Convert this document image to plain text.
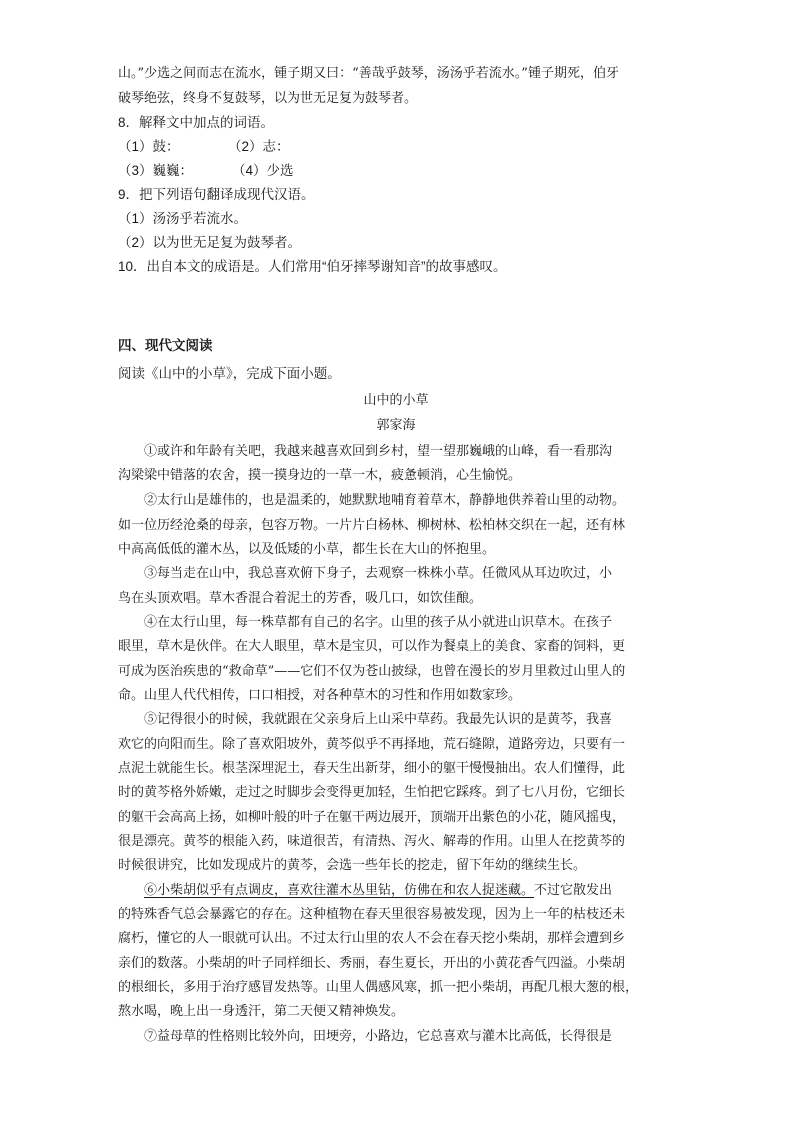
山。”少选之间而志在流水，锺子期又曰：“善哉乎鼓琴，汤汤乎若流水。”锺子期死，伯牙

破琴绝弦，终身不复鼓琴，以为世无足复为鼓琴者。

8．解释文中加点的词语。

（1）鼓：	（2）志：

（3）巍巍：	（4）少选

9．把下列语句翻译成现代汉语。

（1）汤汤乎若流水。

（2）以为世无足复为鼓琴者。

10．出自本文的成语是。人们常用“伯牙摔琴谢知音”的故事感叹。

四、现代文阅读

阅读《山中的小草》，完成下面小题。

山中的小草

郭家海

①或许和年龄有关吧，我越来越喜欢回到乡村，望一望那巍峨的山峰，看一看那沟

沟梁梁中错落的农舍，摸一摸身边的一草一木，疲惫顿消，心生愉悦。

②太行山是雄伟的，也是温柔的，她默默地哺育着草木，静静地供养着山里的动物。

如一位历经沧桑的母亲，包容万物。一片片白杨林、柳树林、松柏林交织在一起，还有林

中高高低低的灌木丛，以及低矮的小草，都生长在大山的怀抱里。

③每当走在山中，我总喜欢俯下身子，去观察一株株小草。任微风从耳边吹过，小

鸟在头顶欢唱。草木香混合着泥土的芳香，吸几口，如饮佳酿。

④在太行山里，每一株草都有自己的名字。山里的孩子从小就进山识草木。在孩子

眼里，草木是伙伴。在大人眼里，草木是宝贝，可以作为餐桌上的美食、家畜的饲料，更

可成为医治疾患的“救命草”——它们不仅为苍山披绿，也曾在漫长的岁月里救过山里人的

命。山里人代代相传，口口相授，对各种草木的习性和作用如数家珍。

⑤记得很小的时候，我就跟在父亲身后上山采中草药。我最先认识的是黄芩，我喜

欢它的向阳而生。除了喜欢阳坡外，黄芩似乎不再择地，荒石缝隙，道路旁边，只要有一

点泥土就能生长。根茎深埋泥土，春天生出新芽，细小的躯干慢慢抽出。农人们懂得，此

时的黄芩格外娇嫩，走过之时脚步会变得更加轻，生怕把它踩疼。到了七八月份，它细长

的躯干会高高上扬，如柳叶般的叶子在躯干两边展开，顶端开出紫色的小花，随风摇曳，

很是漂亮。黄芩的根能入药，味道很苦，有清热、泻火、解毒的作用。山里人在挖黄芩的

时候很讲究，比如发现成片的黄芩，会选一些年长的挖走，留下年幼的继续生长。

⑥小柴胡似乎有点调皮，喜欢往灌木丛里钻，仿佛在和农人捉迷藏。不过它散发出

的特殊香气总会暴露它的存在。这种植物在春天里很容易被发现，因为上一年的枯枝还未

腐朽，懂它的人一眼就可认出。不过太行山里的农人不会在春天挖小柴胡，那样会遭到乡

亲们的数落。小柴胡的叶子同样细长、秀丽，春生夏长，开出的小黄花香气四溢。小柴胡

的根细长，多用于治疗感冒发热等。山里人偶感风寒，抓一把小柴胡，再配几根大葱的根，

熬水喝，晚上出一身透汗，第二天便又精神焕发。

⑦益母草的性格则比较外向，田埂旁，小路边，它总喜欢与灌木比高低，长得很是
